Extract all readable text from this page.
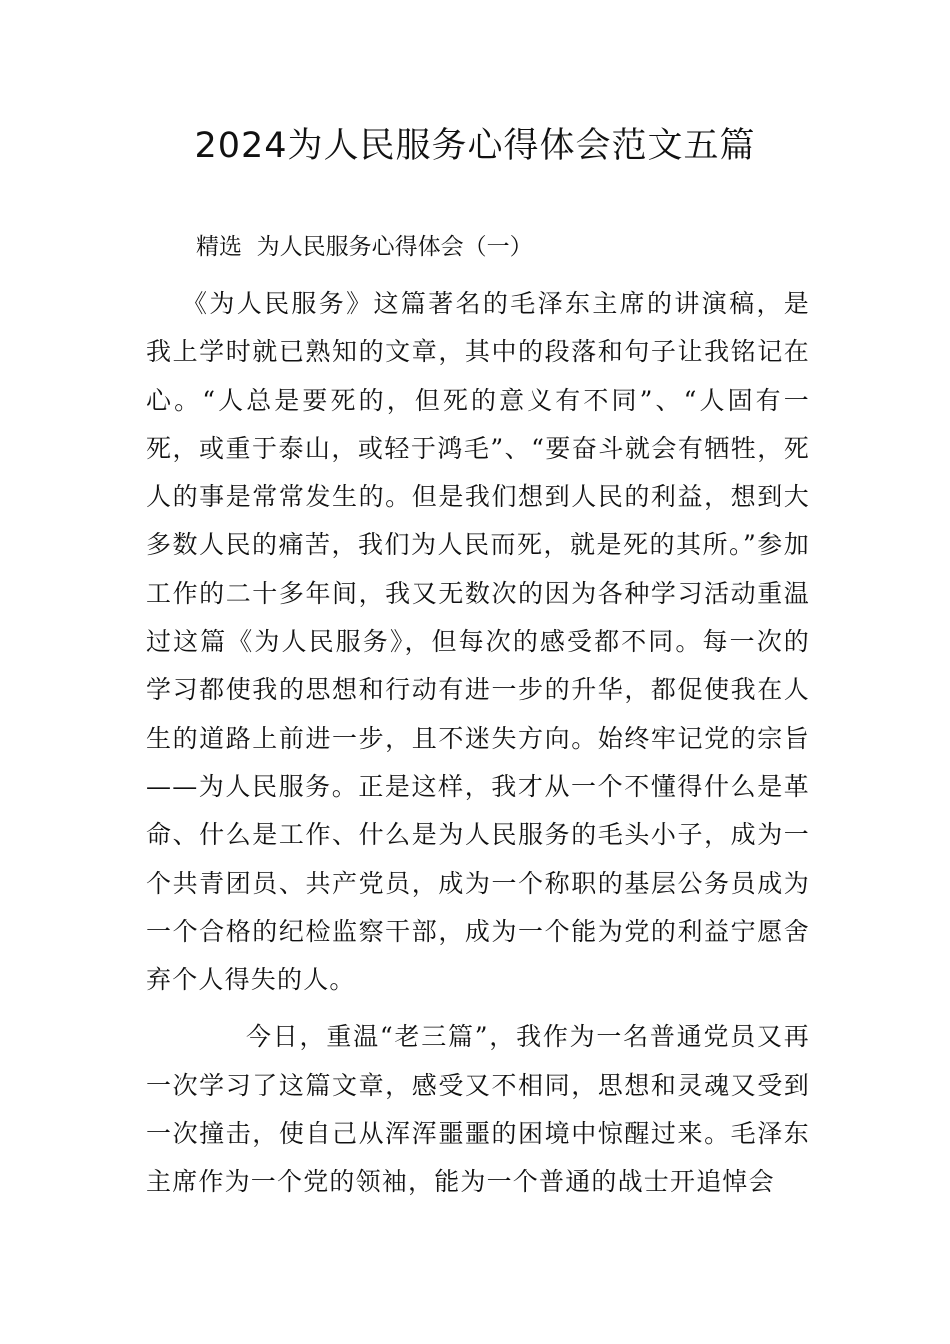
2024为人民服务心得体会范文五篇
精选  为人民服务心得体会（一）

《为人民服务》这篇著名的毛泽东主席的讲演稿，是我上学时就已熟知的文章，其中的段落和句子让我铭记在心。“人总是要死的，但死的意义有不同”、“人固有一死，或重于泰山，或轻于鸿毛”、“要奋斗就会有牺牲，死人的事是常常发生的。但是我们想到人民的利益，想到大多数人民的痛苦，我们为人民而死，就是死的其所。”参加工作的二十多年间，我又无数次的因为各种学习活动重温过这篇《为人民服务》，但每次的感受都不同。每一次的学习都使我的思想和行动有进一步的升华，都促使我在人生的道路上前进一步，且不迷失方向。始终牢记党的宗旨——为人民服务。正是这样，我才从一个不懂得什么是革命、什么是工作、什么是为人民服务的毛头小子，成为一个共青团员、共产党员，成为一个称职的基层公务员成为一个合格的纪检监察干部，成为一个能为党的利益宁愿舍弃个人得失的人。

今日，重温“老三篇”，我作为一名普通党员又再一次学习了这篇文章，感受又不相同，思想和灵魂又受到一次撞击，使自己从浑浑噩噩的困境中惊醒过来。毛泽东主席作为一个党的领袖，能为一个普通的战士开追悼会
